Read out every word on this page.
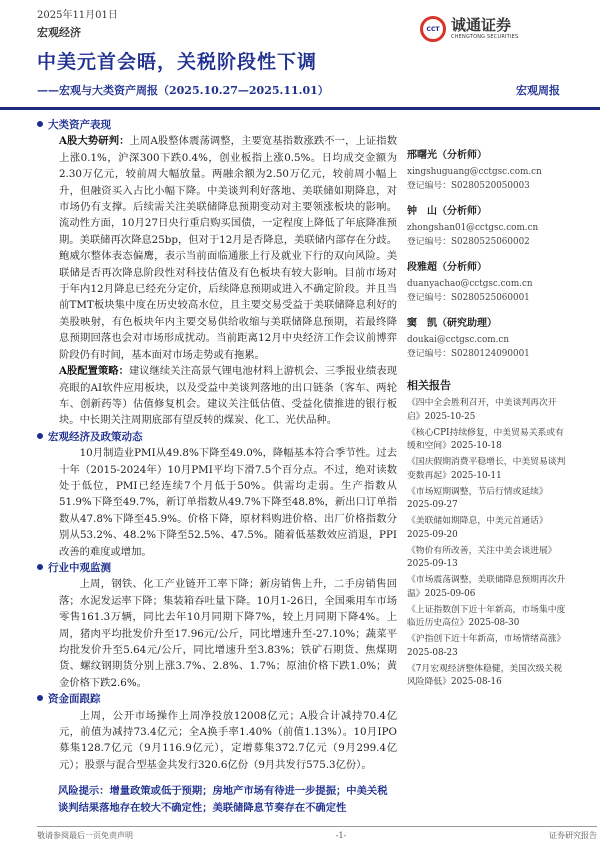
2025年11月01日
宏观经济	CCT 诚通证券
CHENGTONG SECURITIES
中美元首会晤，关税阶段性下调
——宏观与大类资产周报（2025.10.27—2025.11.01）	宏观周报
大类资产表现
A股大势研判：上周A股整体震荡调整，主要宽基指数涨跌不一，上证指数上涨0.1%，沪深300下跌0.4%，创业板指上涨0.5%。日均成交金额为2.30万亿元，较前周大幅放量。两融余额为2.50万亿元，较前周小幅上升，但融资买入占比小幅下降。中美谈判利好落地、美联储如期降息，对市场仍有支撑。后续需关注美联储降息预期变动对主要领涨板块的影响。流动性方面，10月27日央行重启购买国债，一定程度上降低了年底降准预期。美联储再次降息25bp，但对于12月是否降息，美联储内部存在分歧。鲍威尔整体表态偏鹰，表示当前面临通胀上行及就业下行的双向风险。美联储是否再次降息阶段性对科技估值及有色板块有较大影响。目前市场对于年内12月降息已经充分定价，后续降息预期或进入不确定阶段。并且当前TMT板块集中度在历史较高水位，且主要交易受益于美联储降息利好的美股映射，有色板块年内主要交易供给收缩与美联储降息预期，若最终降息预期回落也会对市场形成扰动。当前距离12月中央经济工作会议前博弈阶段仍有时间，基本面对市场走势或有拖累。
A股配置策略：建议继续关注高景气锂电池材料上游机会、三季报业绩表现亮眼的AI软件应用板块，以及受益中美谈判落地的出口链条（客车、两轮车、创新药等）估值修复机会。建议关注低估值、受益化债推进的银行板块。中长期关注周期底部有望反转的煤炭、化工、光伏品种。
宏观经济及政策动态
10月制造业PMI从49.8%下降至49.0%，降幅基本符合季节性。过去十年（2015-2024年）10月PMI平均下滑7.5个百分点。不过，绝对读数处于低位，PMI已经连续7个月低于50%。供需均走弱。生产指数从51.9%下降至49.7%，新订单指数从49.7%下降至48.8%，新出口订单指数从47.8%下降至45.9%。价格下降，原材料购进价格、出厂价格指数分别从53.2%、48.2%下降至52.5%、47.5%。随着低基数效应消退，PPI改善的难度或增加。
行业中观监测
上周，钢铁、化工产业链开工率下降；新房销售上升，二手房销售回落；水泥发运率下降；集装箱吞吐量下降。10月1-26日，全国乘用车市场零售161.3万辆，同比去年10月同期下降7%，较上月同期下降4%。上周，猪肉平均批发价升至17.96元/公斤，同比增速升至-27.10%；蔬菜平均批发价升至5.64元/公斤，同比增速升至3.83%；铁矿石期货、焦煤期货、螺纹钢期货分别上涨3.7%、2.8%、1.7%；原油价格下跌1.0%；黄金价格下跌2.6%。
资金面跟踪
上周，公开市场操作上周净投放12008亿元；A股合计减持70.4亿元，前值为减持73.4亿元；全A换手率1.40%（前值1.13%）。10月IPO募集128.7亿元（9月116.9亿元），定增募集372.7亿元（9月299.4亿元）；股票与混合型基金共发行320.6亿份（9月共发行575.3亿份）。
风险提示：增量政策或低于预期；房地产市场有待进一步提振；中美关税谈判结果落地存在较大不确定性；美联储降息节奏存在不确定性
邢曙光（分析师）
xingshuguang@cctgsc.com.cn
登记编号：S0280520050003
钟　山（分析师）
zhongshan01@cctgsc.com.cn
登记编号：S0280525060002
段雅超（分析师）
duanyachao@cctgsc.com.cn
登记编号：S0280525060001
窦　凯（研究助理）
doukai@cctgsc.com.cn
登记编号：S0280124090001
相关报告
《四中全会胜利召开，中美谈判再次开启》2025-10-25
《核心CPI持续修复，中美贸易关系或有缓和空间》2025-10-18
《国庆假期消费平稳增长，中美贸易谈判变数再起》2025-10-11
《市场短期调整，节后行情或延续》2025-09-27
《美联储如期降息，中美元首通话》2025-09-20
《物价有所改善，关注中美会谈进展》2025-09-13
《市场震荡调整，美联储降息预期再次升温》2025-09-06
《上证指数创下近十年新高，市场集中度临近历史高位》2025-08-30
《沪指创下近十年新高，市场情绪高涨》2025-08-23
《7月宏观经济整体稳健，美国次级关税风险降低》2025-08-16
敬请参阅最后一页免责声明	-1-	证券研究报告
